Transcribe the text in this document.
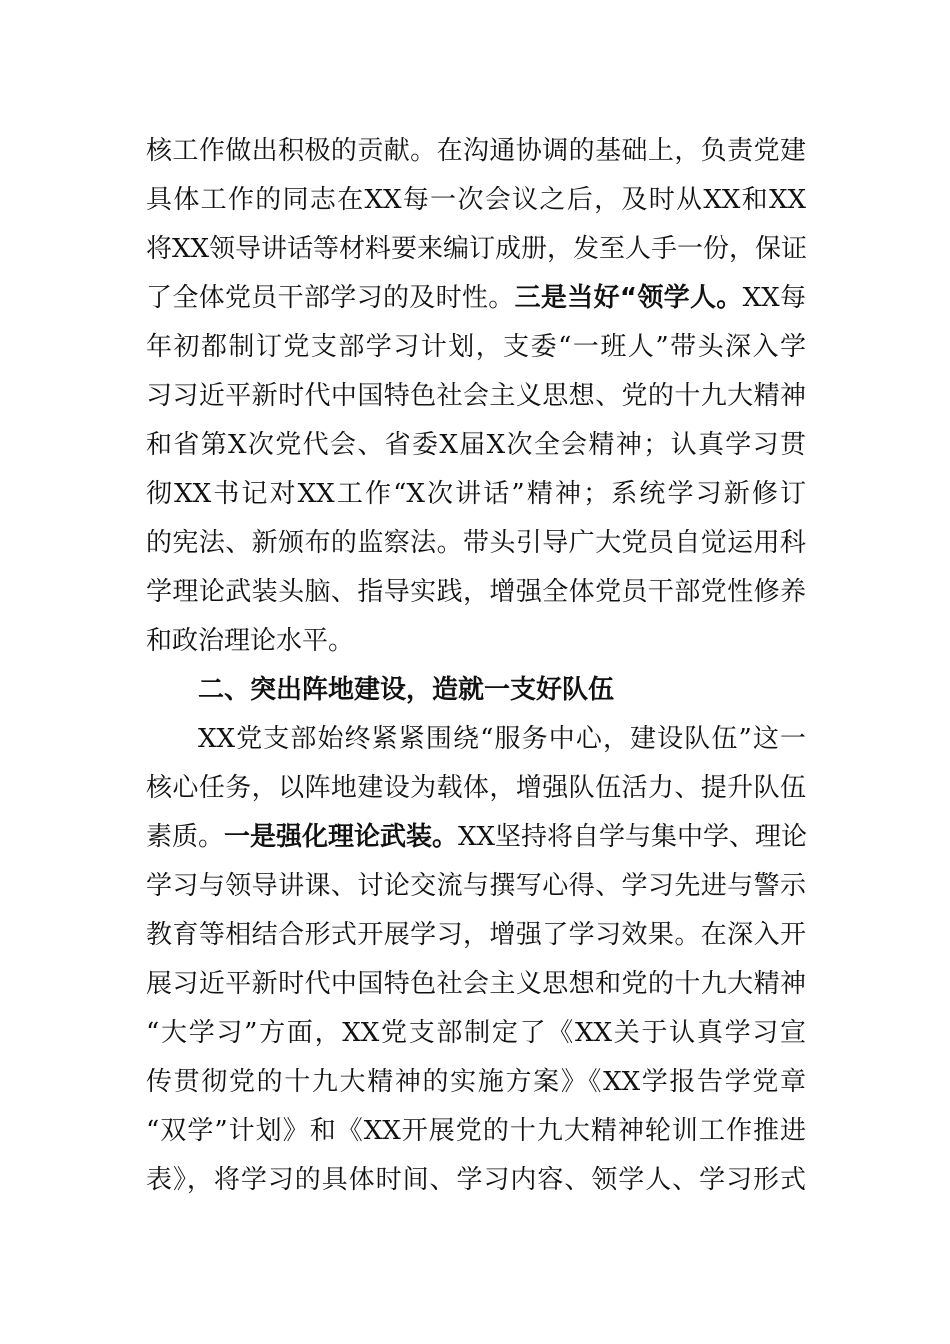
核工作做出积极的贡献。在沟通协调的基础上，负责党建
具体工作的同志在XX每一次会议之后，及时从XX和XX
将XX领导讲话等材料要来编订成册，发至人手一份，保证
了全体党员干部学习的及时性。三是当好“领学人。XX每
年初都制订党支部学习计划，支委“一班人”带头深入学
习习近平新时代中国特色社会主义思想、党的十九大精神
和省第X次党代会、省委X届X次全会精神；认真学习贯
彻XX书记对XX工作“X次讲话”精神；系统学习新修订
的宪法、新颁布的监察法。带头引导广大党员自觉运用科
学理论武装头脑、指导实践，增强全体党员干部党性修养
和政治理论水平。
二、突出阵地建设，造就一支好队伍
XX党支部始终紧紧围绕“服务中心，建设队伍”这一
核心任务，以阵地建设为载体，增强队伍活力、提升队伍
素质。一是强化理论武装。XX坚持将自学与集中学、理论
学习与领导讲课、讨论交流与撰写心得、学习先进与警示
教育等相结合形式开展学习，增强了学习效果。在深入开
展习近平新时代中国特色社会主义思想和党的十九大精神
“大学习”方面，XX党支部制定了《XX关于认真学习宣
传贯彻党的十九大精神的实施方案》《XX学报告学党章
“双学”计划》和《XX开展党的十九大精神轮训工作推进
表》，将学习的具体时间、学习内容、领学人、学习形式
